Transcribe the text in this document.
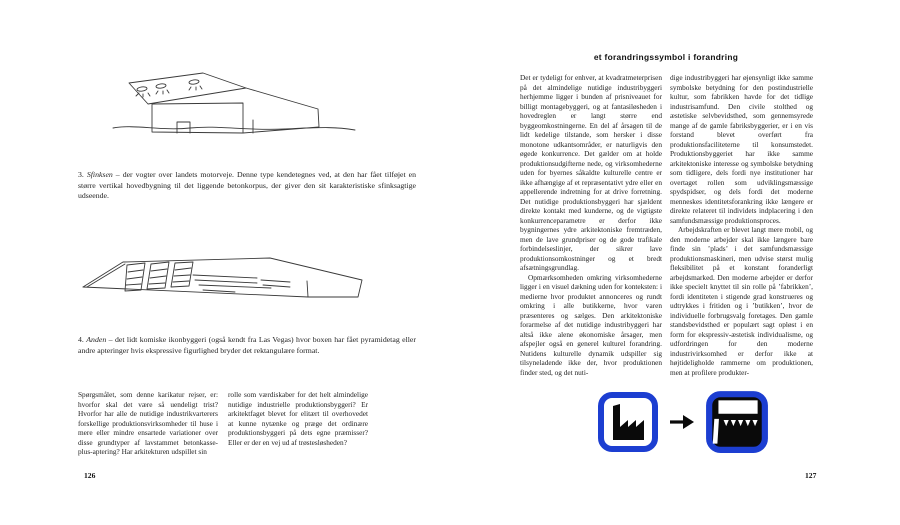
3. Sfinksen – der vogter over landets motorveje. Denne type kendetegnes ved, at den har fået tilføjet en større vertikal hovedbygning til det liggende betonkorpus, der giver den sit karakteristiske sfinksagtige udseende.

4. Anden – det lidt komiske ikonbyggeri (også kendt fra Las Vegas) hvor boxen har fået pyramidetag eller andre apteringer hvis ekspressive figurlighed bryder det rektangulære format.

Spørgsmålet, som denne karikatur rejser, er: hvorfor skal det være så uendeligt trist? Hvorfor har alle de nutidige industrikvarterers forskellige produktionsvirksomheder til huse i mere eller mindre ensartede variationer over disse grundtyper af lavstammet betonkasse-plus-aptering? Har arkitekturen udspillet sin

rolle som værdiskaber for det helt almindelige nutidige industrielle produktionsbyggeri? Er arkitektfaget blevet for elitært til overhovedet at kunne nytænke og præge det ordinære produktionsbyggeri på dets egne præmisser? Eller er der en vej ud af trøstesløsheden?

126
et forandringssymbol i forandring

Det er tydeligt for enhver, at kvadratmeterprisen på det almindelige nutidige industribyggeri herhjemme ligger i bunden af prisniveauet for billigt montagebyggeri, og at fantasiløsheden i hovedreglen er langt større end byggeomkostningerne. En del af årsagen til de lidt kedelige tilstande, som hersker i disse monotone udkantsområder, er naturligvis den øgede konkurrence. Det gælder om at holde produktionsudgifterne nede, og virksomhederne uden for byernes såkaldte kulturelle centre er ikke afhængige af et repræsentativt ydre eller en appellerende indretning for at drive forretning. Det nutidige produktionsbyggeri har sjældent direkte kontakt med kunderne, og de vigtigste konkurrenceparametre er derfor ikke bygningernes ydre arkitektoniske fremtræden, men de lave grundpriser og de gode trafikale forbindelseslinjer, der sikrer lave produktionsomkostninger og et bredt afsætningsgrundlag.

Opmærksomheden omkring virksomhederne ligger i en visuel dækning uden for konteksten: i medierne hvor produktet annonceres og rundt omkring i alle butikkerne, hvor varen præsenteres og sælges. Den arkitektoniske forarmelse af det nutidige industribyggeri har altså ikke alene økonomiske årsager, men afspejler også en generel kulturel forandring. Nutidens kulturelle dynamik udspiller sig tilsyneladende ikke der, hvor produktionen finder sted, og det nuti-

dige industribyggeri har øjensynligt ikke samme symbolske betydning for den postindustrielle kultur, som fabrikken havde for det tidlige industrisamfund. Den civile stolthed og æstetiske selvbevidsthed, som gennemsyrede mange af de gamle fabriksbyggerier, er i en vis forstand blevet overført fra produktionsfaciliteterne til konsumstedet. Produktionsbyggeriet har ikke samme arkitektoniske interesse og symbolske betydning som tidligere, dels fordi nye institutioner har overtaget rollen som udviklingsmæssige spydspidser, og dels fordi det moderne menneskes identitetsforankring ikke længere er direkte relateret til individets indplacering i den samfundsmæssige produktionsproces.

Arbejdskraften er blevet langt mere mobil, og den moderne arbejder skal ikke længere bare finde sin ’plads’ i det samfundsmæssige produktionsmaskineri, men udvise størst mulig fleksibilitet på et konstant foranderligt arbejdsmarked. Den moderne arbejder er derfor ikke specielt knyttet til sin rolle på ’fabrikken’, fordi identiteten i stigende grad konstrueres og udtrykkes i fritiden og i ’butikken’, hvor de individuelle forbrugsvalg foretages. Den gamle standsbevidsthed er populært sagt opløst i en form for ekspressiv-æstetisk individualisme, og udfordringen for den moderne industrivirksomhed er derfor ikke at højtideligholde rammerne om produktionen, men at profilere produkter-

127
